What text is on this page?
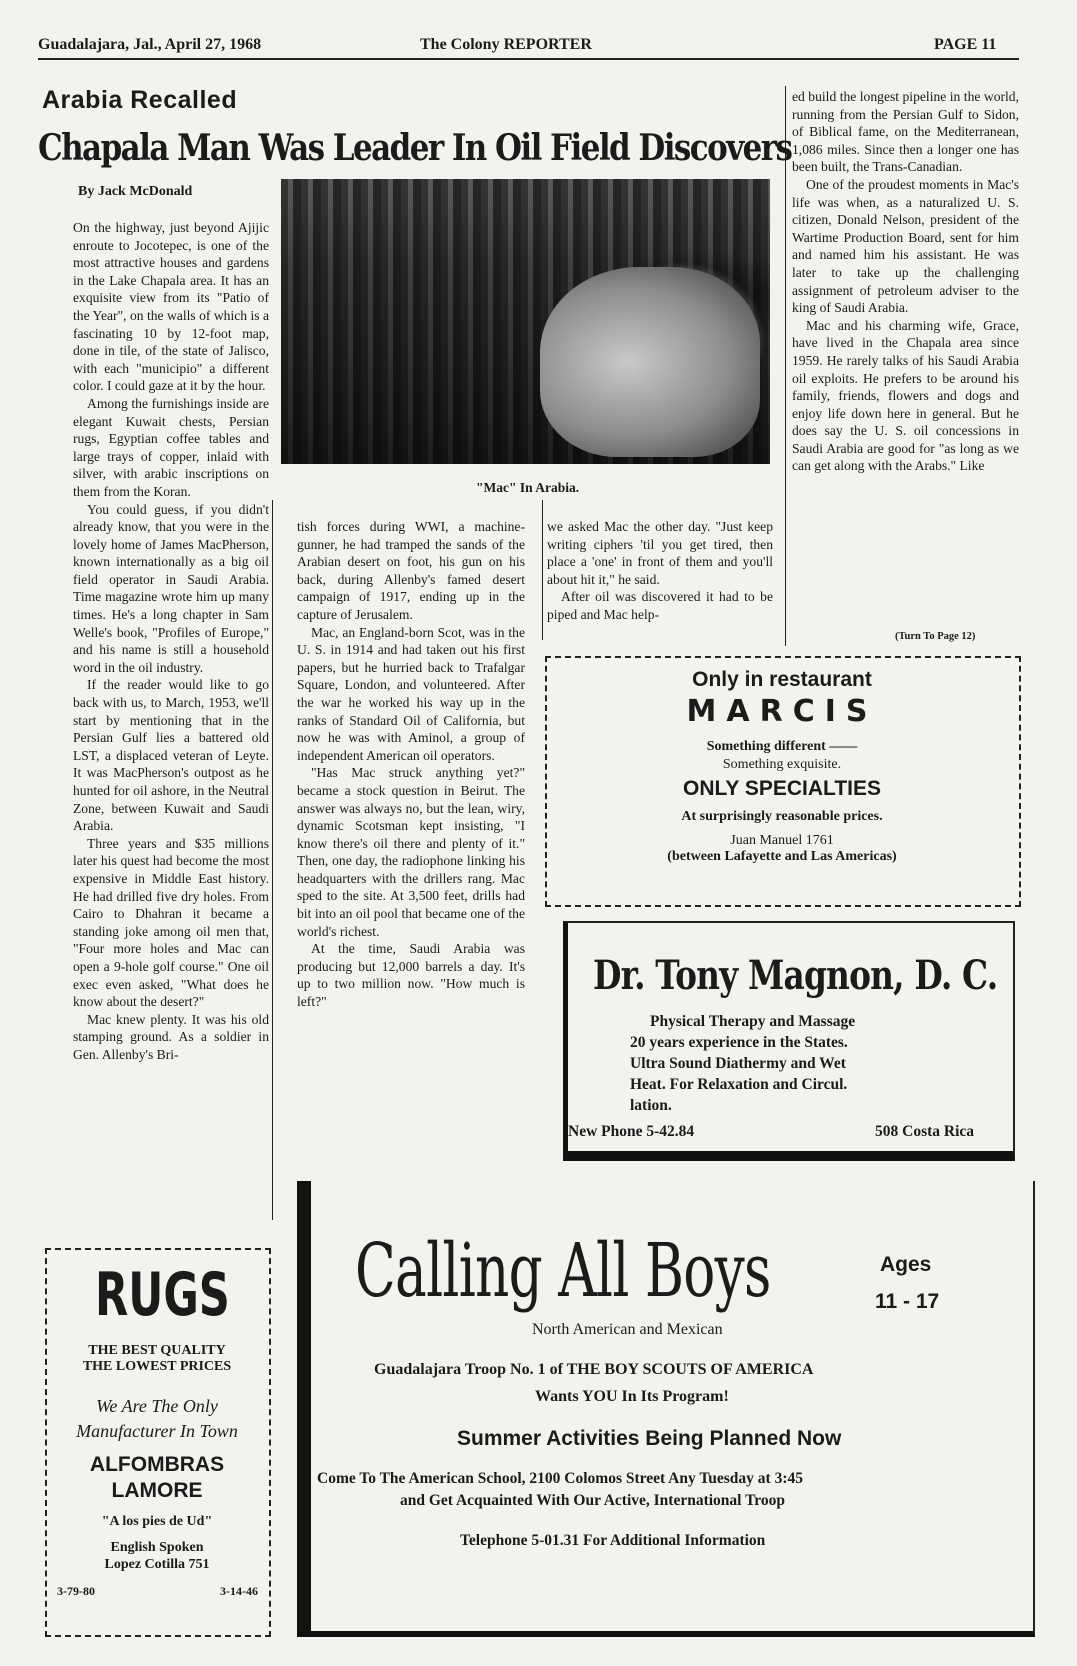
Guadalajara, Jal., April 27, 1968	The Colony REPORTER	PAGE 11
Arabia Recalled
Chapala Man Was Leader In Oil Field Discovers
By Jack McDonald
"Mac" In Arabia.

On the highway, just beyond Ajijic enroute to Jocotepec, is one of the most attractive houses and gardens in the Lake Chapala area. It has an exquisite view from its "Patio of the Year", on the walls of which is a fascinating 10 by 12-foot map, done in tile, of the state of Jalisco, with each "municipio" a different color. I could gaze at it by the hour.

Among the furnishings inside are elegant Kuwait chests, Persian rugs, Egyptian coffee tables and large trays of copper, inlaid with silver, with arabic inscriptions on them from the Koran.

You could guess, if you didn't already know, that you were in the lovely home of James MacPherson, known internationally as a big oil field operator in Saudi Arabia. Time magazine wrote him up many times. He's a long chapter in Sam Welle's book, "Profiles of Europe," and his name is still a household word in the oil industry.

If the reader would like to go back with us, to March, 1953, we'll start by mentioning that in the Persian Gulf lies a battered old LST, a displaced veteran of Leyte. It was MacPherson's outpost as he hunted for oil ashore, in the Neutral Zone, between Kuwait and Saudi Arabia.

Three years and $35 millions later his quest had become the most expensive in Middle East history. He had drilled five dry holes. From Cairo to Dhahran it became a standing joke among oil men that, "Four more holes and Mac can open a 9-hole golf course." One oil exec even asked, "What does he know about the desert?"

Mac knew plenty. It was his old stamping ground. As a soldier in Gen. Allenby's Bri-

tish forces during WWI, a machine-gunner, he had tramped the sands of the Arabian desert on foot, his gun on his back, during Allenby's famed desert campaign of 1917, ending up in the capture of Jerusalem.

Mac, an England-born Scot, was in the U. S. in 1914 and had taken out his first papers, but he hurried back to Trafalgar Square, London, and volunteered. After the war he worked his way up in the ranks of Standard Oil of California, but now he was with Aminol, a group of independent American oil operators.

"Has Mac struck anything yet?" became a stock question in Beirut. The answer was always no, but the lean, wiry, dynamic Scotsman kept insisting, "I know there's oil there and plenty of it." Then, one day, the radiophone linking his headquarters with the drillers rang. Mac sped to the site. At 3,500 feet, drills had bit into an oil pool that became one of the world's richest.

At the time, Saudi Arabia was producing but 12,000 barrels a day. It's up to two million now. "How much is left?"

we asked Mac the other day. "Just keep writing ciphers 'til you get tired, then place a 'one' in front of them and you'll about hit it," he said.

After oil was discovered it had to be piped and Mac help-

ed build the longest pipeline in the world, running from the Persian Gulf to Sidon, of Biblical fame, on the Mediterranean, 1,086 miles. Since then a longer one has been built, the Trans-Canadian.

One of the proudest moments in Mac's life was when, as a naturalized U. S. citizen, Donald Nelson, president of the Wartime Production Board, sent for him and named him his assistant. He was later to take up the challenging assignment of petroleum adviser to the king of Saudi Arabia.

Mac and his charming wife, Grace, have lived in the Chapala area since 1959. He rarely talks of his Saudi Arabia oil exploits. He prefers to be around his family, friends, flowers and dogs and enjoy life down here in general. But he does say the U. S. oil concessions in Saudi Arabia are good for "as long as we can get along with the Arabs." Like

(Turn To Page 12)
Only in restaurant
MARCIS
Something different ——
Something exquisite.
ONLY SPECIALTIES
At surprisingly reasonable prices.
Juan Manuel 1761
(between Lafayette and Las Americas)
Dr. Tony Magnon, D. C.
Physical Therapy and Massage
20 years experience in the States.
Ultra Sound Diathermy and Wet
Heat. For Relaxation and Circul.
lation.
New Phone 5-42.84	508 Costa Rica
RUGS
THE BEST QUALITY
THE LOWEST PRICES
We Are The Only
Manufacturer In Town
ALFOMBRAS
LAMORE
"A los pies de Ud"
English Spoken
Lopez Cotilla 751
3-79-80	3-14-46
Calling All Boys	Ages
11 - 17
North American and Mexican
Guadalajara Troop No. 1 of THE BOY SCOUTS OF AMERICA
Wants YOU In Its Program!
Summer Activities Being Planned Now
Come To The American School, 2100 Colomos Street Any Tuesday at 3:45
and Get Acquainted With Our Active, International Troop
Telephone 5-01.31 For Additional Information
